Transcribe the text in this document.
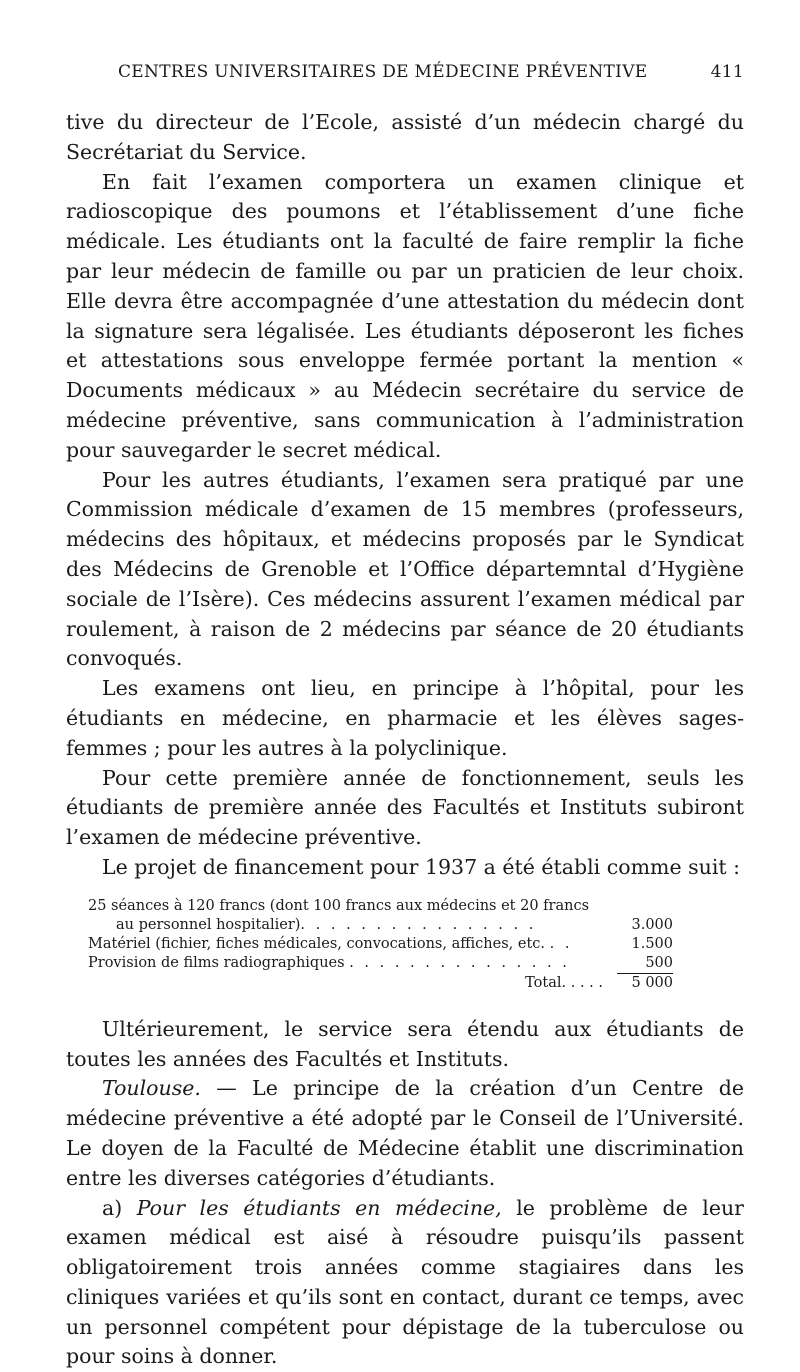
CENTRES UNIVERSITAIRES DE MÉDECINE PRÉVENTIVE	411

tive du directeur de l’Ecole, assisté d’un médecin chargé du Secrétariat du Service.

En fait l’examen comportera un examen clinique et radioscopique des poumons et l’établissement d’une fiche médicale. Les étudiants ont la faculté de faire remplir la fiche par leur médecin de famille ou par un praticien de leur choix. Elle devra être accompagnée d’une attestation du médecin dont la signature sera légalisée. Les étudiants déposeront les fiches et attestations sous enveloppe fermée portant la mention « Documents médicaux » au Médecin secrétaire du service de médecine préventive, sans communication à l’administration pour sauvegarder le secret médical.

Pour les autres étudiants, l’examen sera pratiqué par une Commission médicale d’examen de 15 membres (professeurs, médecins des hôpitaux, et médecins proposés par le Syndicat des Médecins de Grenoble et l’Office départemntal d’Hygiène sociale de l’Isère). Ces médecins assurent l’examen médical par roulement, à raison de 2 médecins par séance de 20 étudiants convoqués.

Les examens ont lieu, en principe à l’hôpital, pour les étudiants en médecine, en pharmacie et les élèves sages-femmes ; pour les autres à la polyclinique.

Pour cette première année de fonctionnement, seuls les étudiants de première année des Facultés et Instituts subiront l’examen de médecine préventive.

Le projet de financement pour 1937 a été établi comme suit :

25 séances à 120 francs (dont 100 francs aux médecins et 20 francs
au personnel hospitalier). . . . . . . . . . . . . . . .	3.000
Matériel (fichier, fiches médicales, convocations, affiches, etc. . .	1.500
Provision de films radiographiques . . . . . . . . . . . . . . .	500
Total. . . . .	5 000

Ultérieurement, le service sera étendu aux étudiants de toutes les années des Facultés et Instituts.

Toulouse. — Le principe de la création d’un Centre de médecine préventive a été adopté par le Conseil de l’Université. Le doyen de la Faculté de Médecine établit une discrimination entre les diverses catégories d’étudiants.

a) Pour les étudiants en médecine, le problème de leur examen médical est aisé à résoudre puisqu’ils passent obligatoirement trois années comme stagiaires dans les cliniques variées et qu’ils sont en contact, durant ce temps, avec un personnel compétent pour dépistage de la tuberculose ou pour soins à donner.
